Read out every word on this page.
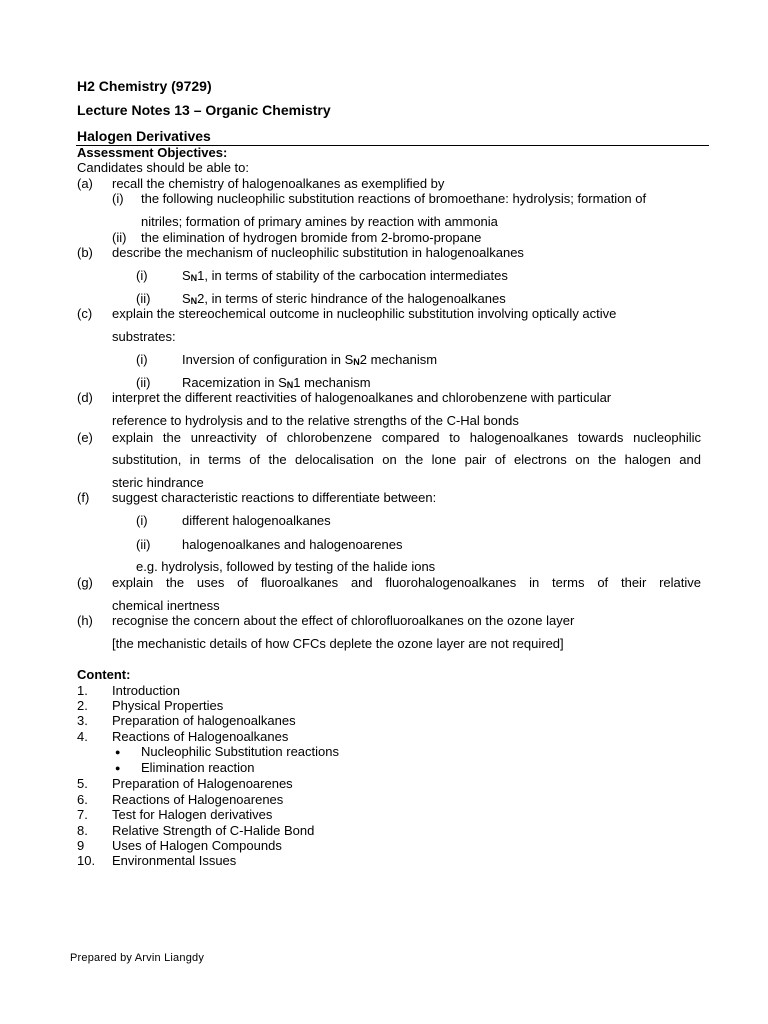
H2 Chemistry (9729)
Lecture Notes 13 – Organic Chemistry
Halogen Derivatives
Assessment Objectives:
Candidates should be able to:
(a) recall the chemistry of halogenoalkanes as exemplified by
(i) the following nucleophilic substitution reactions of bromoethane: hydrolysis; formation of
nitriles; formation of primary amines by reaction with ammonia
(ii) the elimination of hydrogen bromide from 2-bromo-propane
(b) describe the mechanism of nucleophilic substitution in halogenoalkanes
(i)	SN1, in terms of stability of the carbocation intermediates
(ii) SN2, in terms of steric hindrance of the halogenoalkanes
(c) explain the stereochemical outcome in nucleophilic substitution involving optically active
substrates:
(i)	Inversion of configuration in SN2 mechanism
(ii) Racemization in SN1 mechanism
(d) interpret the different reactivities of halogenoalkanes and chlorobenzene with particular
reference to hydrolysis and to the relative strengths of the C-Hal bonds
(e) explain the unreactivity of chlorobenzene compared to halogenoalkanes towards nucleophilic
substitution, in terms of the delocalisation on the lone pair of electrons on the halogen and
steric hindrance
(f) suggest characteristic reactions to differentiate between:
(i)	different halogenoalkanes
(ii) halogenoalkanes and halogenoarenes
e.g. hydrolysis, followed by testing of the halide ions
(g) explain the uses of fluoroalkanes and fluorohalogenoalkanes in terms of their relative
chemical inertness
(h) recognise the concern about the effect of chlorofluoroalkanes on the ozone layer
[the mechanistic details of how CFCs deplete the ozone layer are not required]
Content:
1. Introduction
2. Physical Properties
3. Preparation of halogenoalkanes
4. Reactions of Halogenoalkanes
● Nucleophilic Substitution reactions
● Elimination reaction
5. Preparation of Halogenoarenes
6. Reactions of Halogenoarenes
7. Test for Halogen derivatives
8. Relative Strength of C-Halide Bond
9 Uses of Halogen Compounds
10. Environmental Issues
Prepared by Arvin Liangdy
